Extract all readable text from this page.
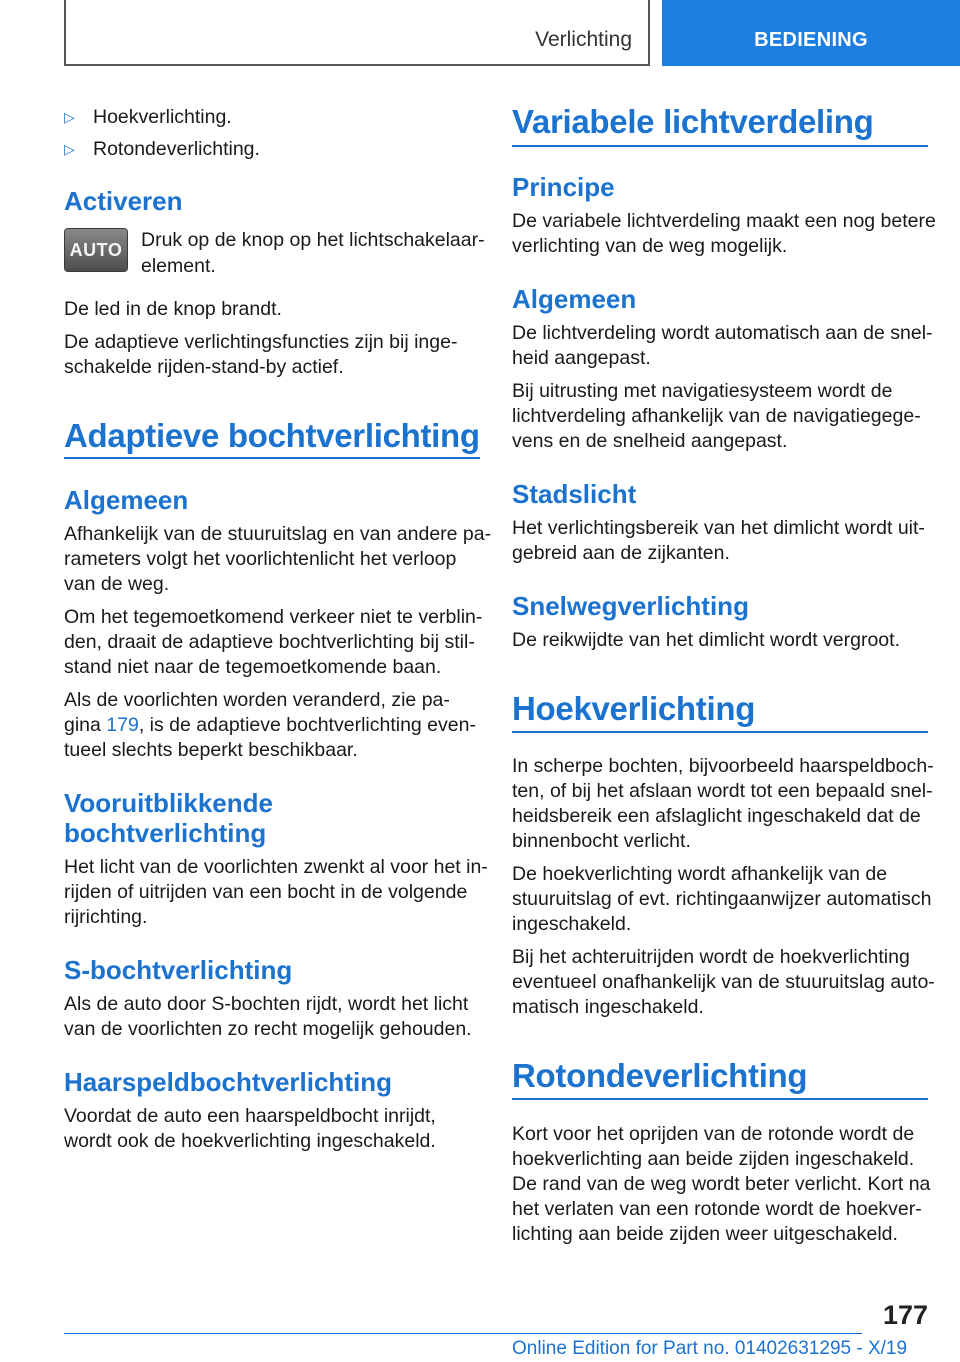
Verlichting	BEDIENING
▷ Hoekverlichting.
▷ Rotondeverlichting.
Activeren
AUTO Druk op de knop op het lichtschakelaar-
element.
De led in de knop brandt.
De adaptieve verlichtingsfuncties zijn bij inge-
schakelde rijden-stand-by actief.
Adaptieve bochtverlichting
Algemeen
Afhankelijk van de stuuruitslag en van andere pa-
rameters volgt het voorlichtenlicht het verloop
van de weg.
Om het tegemoetkomend verkeer niet te verblin-
den, draait de adaptieve bochtverlichting bij stil-
stand niet naar de tegemoetkomende baan.
Als de voorlichten worden veranderd, zie pa-
gina 179, is de adaptieve bochtverlichting even-
tueel slechts beperkt beschikbaar.
Vooruitblikkende
bochtverlichting
Het licht van de voorlichten zwenkt al voor het in-
rijden of uitrijden van een bocht in de volgende
rijrichting.
S-bochtverlichting
Als de auto door S-bochten rijdt, wordt het licht
van de voorlichten zo recht mogelijk gehouden.
Haarspeldbochtverlichting
Voordat de auto een haarspeldbocht inrijdt,
wordt ook de hoekverlichting ingeschakeld.
Variabele lichtverdeling
Principe
De variabele lichtverdeling maakt een nog betere
verlichting van de weg mogelijk.
Algemeen
De lichtverdeling wordt automatisch aan de snel-
heid aangepast.
Bij uitrusting met navigatiesysteem wordt de
lichtverdeling afhankelijk van de navigatiegege-
vens en de snelheid aangepast.
Stadslicht
Het verlichtingsbereik van het dimlicht wordt uit-
gebreid aan de zijkanten.
Snelwegverlichting
De reikwijdte van het dimlicht wordt vergroot.
Hoekverlichting
In scherpe bochten, bijvoorbeeld haarspeldboch-
ten, of bij het afslaan wordt tot een bepaald snel-
heidsbereik een afslaglicht ingeschakeld dat de
binnenbocht verlicht.
De hoekverlichting wordt afhankelijk van de
stuuruitslag of evt. richtingaanwijzer automatisch
ingeschakeld.
Bij het achteruitrijden wordt de hoekverlichting
eventueel onafhankelijk van de stuuruitslag auto-
matisch ingeschakeld.
Rotondeverlichting
Kort voor het oprijden van de rotonde wordt de
hoekverlichting aan beide zijden ingeschakeld.
De rand van de weg wordt beter verlicht. Kort na
het verlaten van een rotonde wordt de hoekver-
lichting aan beide zijden weer uitgeschakeld.
177
Online Edition for Part no. 01402631295 - X/19
